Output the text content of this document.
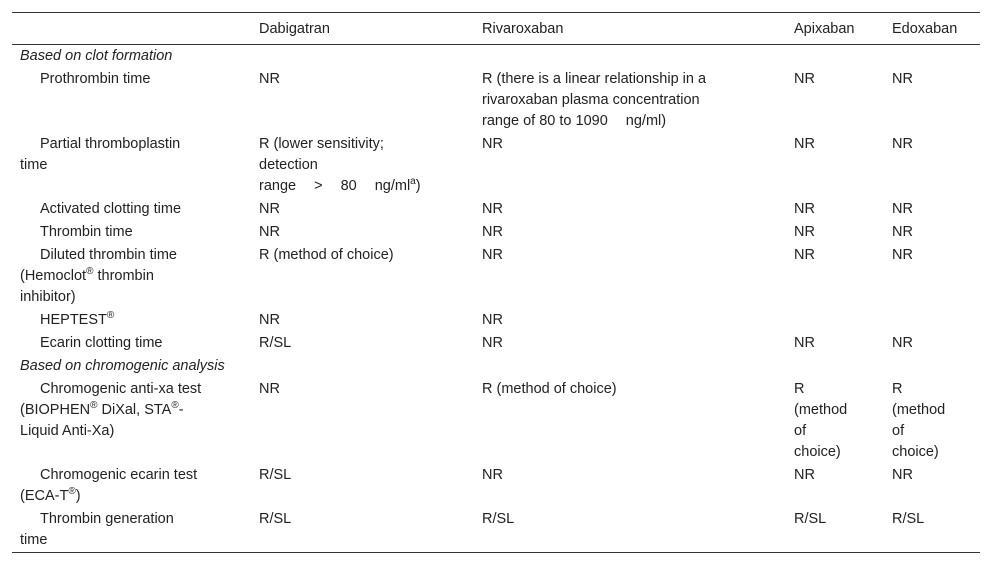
	Dabigatran	Rivaroxaban	Apixaban	Edoxaban
Based on clot formation				
Prothrombin time	NR	R (there is a linear relationship in a
rivaroxaban plasma concentration
range of 80 to 1090 ng/ml)	NR	NR
Partial thromboplastin
time	R (lower sensitivity;
detection
range > 80 $ng/ml^a$)	NR	NR	NR
Activated clotting time	NR	NR	NR	NR
Thrombin time	NR	NR	NR	NR
Diluted thrombin time
(Hemoclot® thrombin
inhibitor)	R (method of choice)	NR	NR	NR
HEPTEST®	NR	NR		
Ecarin clotting time	R/SL	NR	NR	NR
Based on chromogenic analysis				
Chromogenic anti-xa test
(BIOPHEN® DiXal, STA®-
Liquid Anti-Xa)	NR	R (method of choice)	R
(method
of
choice)	R
(method
of
choice)
Chromogenic ecarin test
(ECA-T®)	R/SL	NR	NR	NR
Thrombin generation
time	R/SL	R/SL	R/SL	R/SL
